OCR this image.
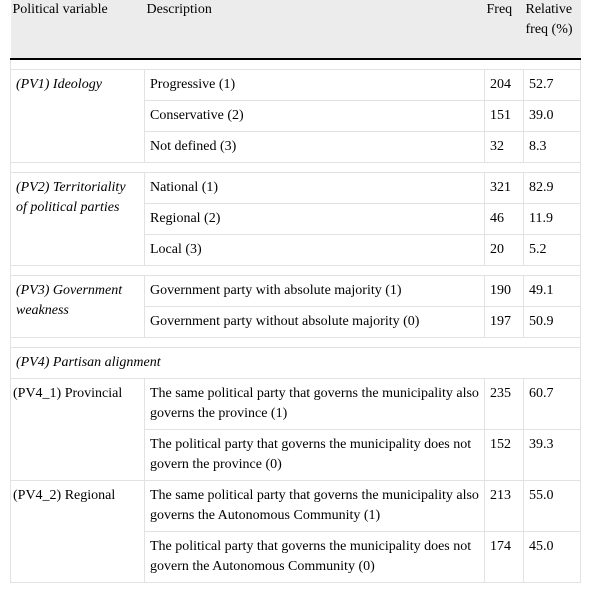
Political variable	Description	Freq	Relative freq (%)

(PV1) Ideology	Progressive (1)	204	52.7
	Conservative (2)	151	39.0
	Not defined (3)	32	8.3

(PV2) Territoriality of political parties	National (1)	321	82.9
	Regional (2)	46	11.9
	Local (3)	20	5.2

(PV3) Government weakness	Government party with absolute majority (1)	190	49.1
	Government party without absolute majority (0)	197	50.9

(PV4) Partisan alignment			
(PV4_1) Provincial	The same political party that governs the municipality also governs the province (1)	235	60.7
	The political party that governs the municipality does not govern the province (0)	152	39.3
(PV4_2) Regional	The same political party that governs the municipality also governs the Autonomous Community (1)	213	55.0
	The political party that governs the municipality does not govern the Autonomous Community (0)	174	45.0
